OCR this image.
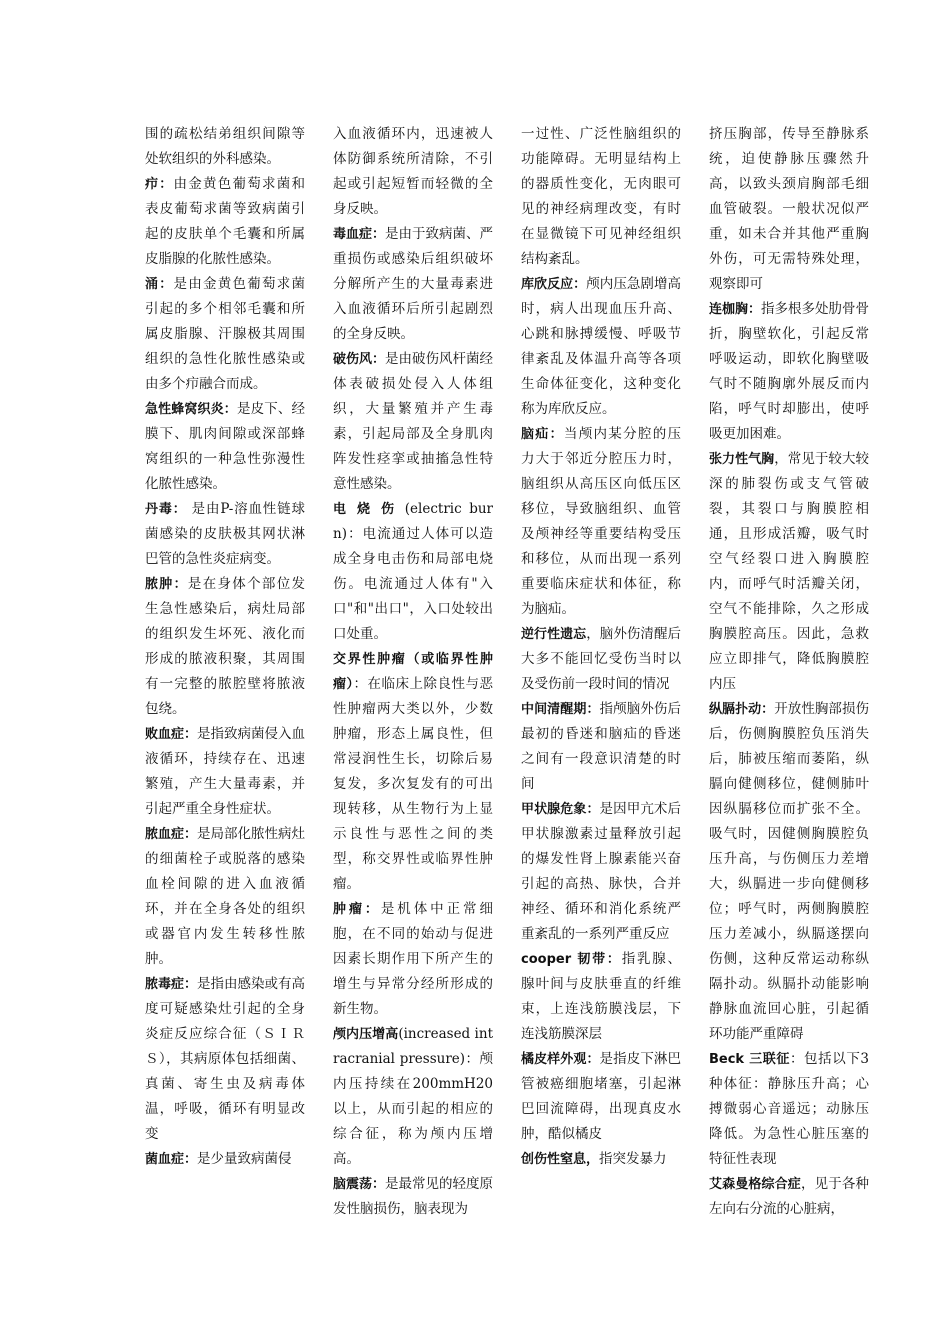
围的疏松结弟组织间隙等处软组织的外科感染。

疖：由金黄色葡萄求菌和表皮葡萄求菌等致病菌引起的皮肤单个毛囊和所属皮脂腺的化脓性感染。

涌：是由金黄色葡萄求菌引起的多个相邻毛囊和所属皮脂腺、汗腺极其周围组织的急性化脓性感染或由多个疖融合而成。

急性蜂窝织炎：是皮下、经膜下、肌肉间隙或深部蜂窝组织的一种急性弥漫性化脓性感染。

丹毒： 是由P-溶血性链球菌感染的皮肤极其网状淋巴管的急性炎症病变。

脓肿：是在身体个部位发生急性感染后，病灶局部的组织发生坏死、液化而形成的脓液积聚，其周围有一完整的脓腔壁将脓液包绕。

败血症：是指致病菌侵入血液循环，持续存在、迅速繁殖，产生大量毒素，并引起严重全身性症状。

脓血症：是局部化脓性病灶的细菌栓子或脱落的感染血栓间隙的进入血液循环，并在全身各处的组织或器官内发生转移性脓肿。

脓毒症：是指由感染或有高度可疑感染灶引起的全身炎症反应综合征（ＳＩＲＳ），其病原体包括细菌、真菌、寄生虫及病毒体温，呼吸，循环有明显改变

菌血症：是少量致病菌侵

入血液循环内，迅速被人体防御系统所清除，不引起或引起短暂而轻微的全身反映。

毒血症：是由于致病菌、严重损伤或感染后组织破坏分解所产生的大量毒素进入血液循环后所引起剧烈的全身反映。

破伤风：是由破伤风杆菌经体表破损处侵入人体组织，大量繁殖并产生毒素，引起局部及全身肌肉阵发性痉挛或抽搐急性特意性感染。

电 烧 伤 (electric burn)：电流通过人体可以造成全身电击伤和局部电烧伤。电流通过人体有"入口"和"出口"，入口处较出口处重。

交界性肿瘤（或临界性肿瘤）：在临床上除良性与恶性肿瘤两大类以外，少数肿瘤，形态上属良性，但常浸润性生长，切除后易复发，多次复发有的可出现转移，从生物行为上显示良性与恶性之间的类型，称交界性或临界性肿瘤。

肿瘤：是机体中正常细胞，在不同的始动与促进因素长期作用下所产生的增生与异常分经所形成的新生物。

颅内压增高(increased intracranial pressure)：颅内压持续在200mmH20以上，从而引起的相应的综合征，称为颅内压增高。

脑震荡：是最常见的轻度原发性脑损伤，脑表现为

一过性、广泛性脑组织的功能障碍。无明显结构上的器质性变化，无肉眼可见的神经病理改变，有时在显微镜下可见神经组织结构紊乱。

库欣反应：颅内压急剧增高时，病人出现血压升高、心跳和脉搏缓慢、呼吸节律紊乱及体温升高等各项生命体征变化，这种变化称为库欣反应。

脑疝：当颅内某分腔的压力大于邻近分腔压力时，脑组织从高压区向低压区移位，导致脑组织、血管及颅神经等重要结构受压和移位，从而出现一系列重要临床症状和体征，称为脑疝。

逆行性遗忘，脑外伤清醒后大多不能回忆受伤当时以及受伤前一段时间的情况

中间清醒期：指颅脑外伤后最初的昏迷和脑疝的昏迷之间有一段意识清楚的时间

甲状腺危象：是因甲亢术后甲状腺激素过量释放引起的爆发性肾上腺素能兴奋引起的高热、脉快，合并神经、循环和消化系统严重紊乱的一系列严重反应

cooper 韧带：指乳腺、腺叶间与皮肤垂直的纤维束，上连浅筋膜浅层，下连浅筋膜深层

橘皮样外观：是指皮下淋巴管被癌细胞堵塞，引起淋巴回流障碍，出现真皮水肿，酷似橘皮

创伤性窒息，指突发暴力

挤压胸部，传导至静脉系统，迫使静脉压骤然升高，以致头颈肩胸部毛细血管破裂。一般状况似严重，如未合并其他严重胸外伤，可无需特殊处理，观察即可

连枷胸：指多根多处肋骨骨折，胸壁软化，引起反常呼吸运动，即软化胸壁吸气时不随胸廓外展反而内陷，呼气时却膨出，使呼吸更加困难。

张力性气胸，常见于较大较深的肺裂伤或支气管破裂，其裂口与胸膜腔相通，且形成活瓣，吸气时空气经裂口进入胸膜腔内，而呼气时活瓣关闭，空气不能排除，久之形成胸膜腔高压。因此，急救应立即排气，降低胸膜腔内压

纵膈扑动：开放性胸部损伤后，伤侧胸膜腔负压消失后，肺被压缩而萎陷，纵膈向健侧移位，健侧肺叶因纵膈移位而扩张不全。吸气时，因健侧胸膜腔负压升高，与伤侧压力差增大，纵膈进一步向健侧移位；呼气时，两侧胸膜腔压力差减小，纵膈遂摆向伤侧，这种反常运动称纵隔扑动。纵膈扑动能影响静脉血流回心脏，引起循环功能严重障碍

Beck 三联征：包括以下3种体征：静脉压升高；心搏微弱心音遥远；动脉压降低。为急性心脏压塞的特征性表现

艾森曼格综合症，见于各种左向右分流的心脏病，
